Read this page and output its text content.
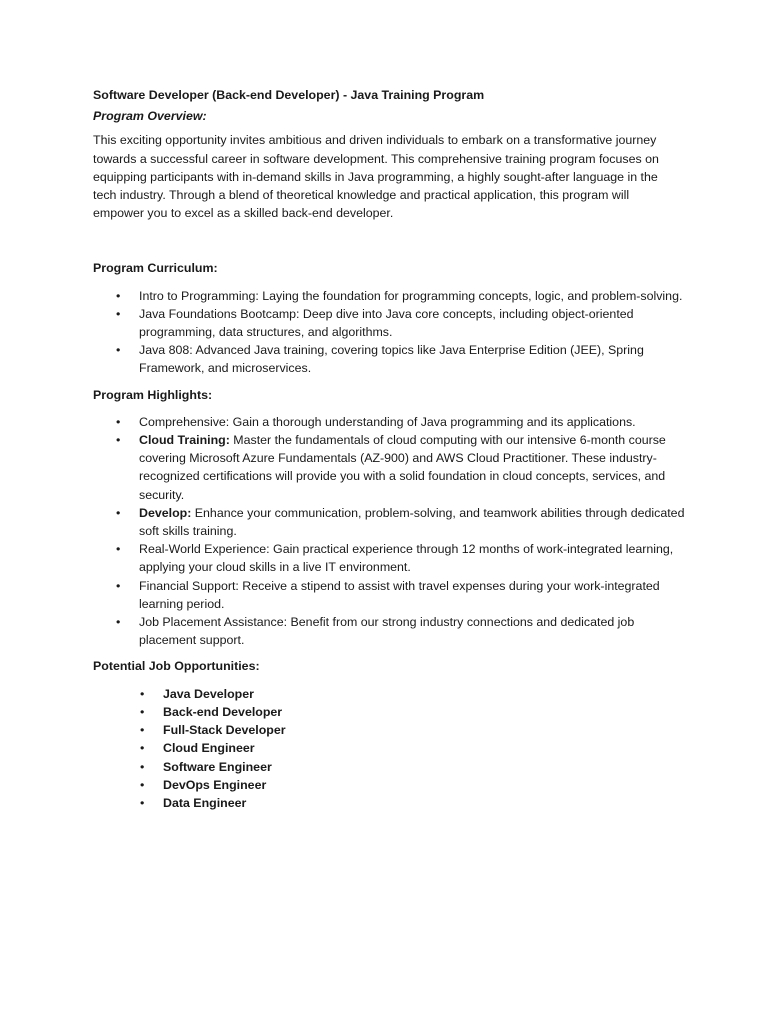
Software Developer (Back-end Developer) - Java Training Program
Program Overview:

This exciting opportunity invites ambitious and driven individuals to embark on a transformative journey towards a successful career in software development. This comprehensive training program focuses on equipping participants with in-demand skills in Java programming, a highly sought-after language in the tech industry. Through a blend of theoretical knowledge and practical application, this program will empower you to excel as a skilled back-end developer.

Program Curriculum:
• Intro to Programming: Laying the foundation for programming concepts, logic, and problem-solving.
• Java Foundations Bootcamp: Deep dive into Java core concepts, including object-oriented programming, data structures, and algorithms.
• Java 808: Advanced Java training, covering topics like Java Enterprise Edition (JEE), Spring Framework, and microservices.
Program Highlights:
• Comprehensive: Gain a thorough understanding of Java programming and its applications.
• Cloud Training: Master the fundamentals of cloud computing with our intensive 6-month course covering Microsoft Azure Fundamentals (AZ-900) and AWS Cloud Practitioner. These industry-recognized certifications will provide you with a solid foundation in cloud concepts, services, and security.
• Develop: Enhance your communication, problem-solving, and teamwork abilities through dedicated soft skills training.
• Real-World Experience: Gain practical experience through 12 months of work-integrated learning, applying your cloud skills in a live IT environment.
• Financial Support: Receive a stipend to assist with travel expenses during your work-integrated learning period.
• Job Placement Assistance: Benefit from our strong industry connections and dedicated job placement support.
Potential Job Opportunities:
• Java Developer
• Back-end Developer
• Full-Stack Developer
• Cloud Engineer
• Software Engineer
• DevOps Engineer
• Data Engineer
